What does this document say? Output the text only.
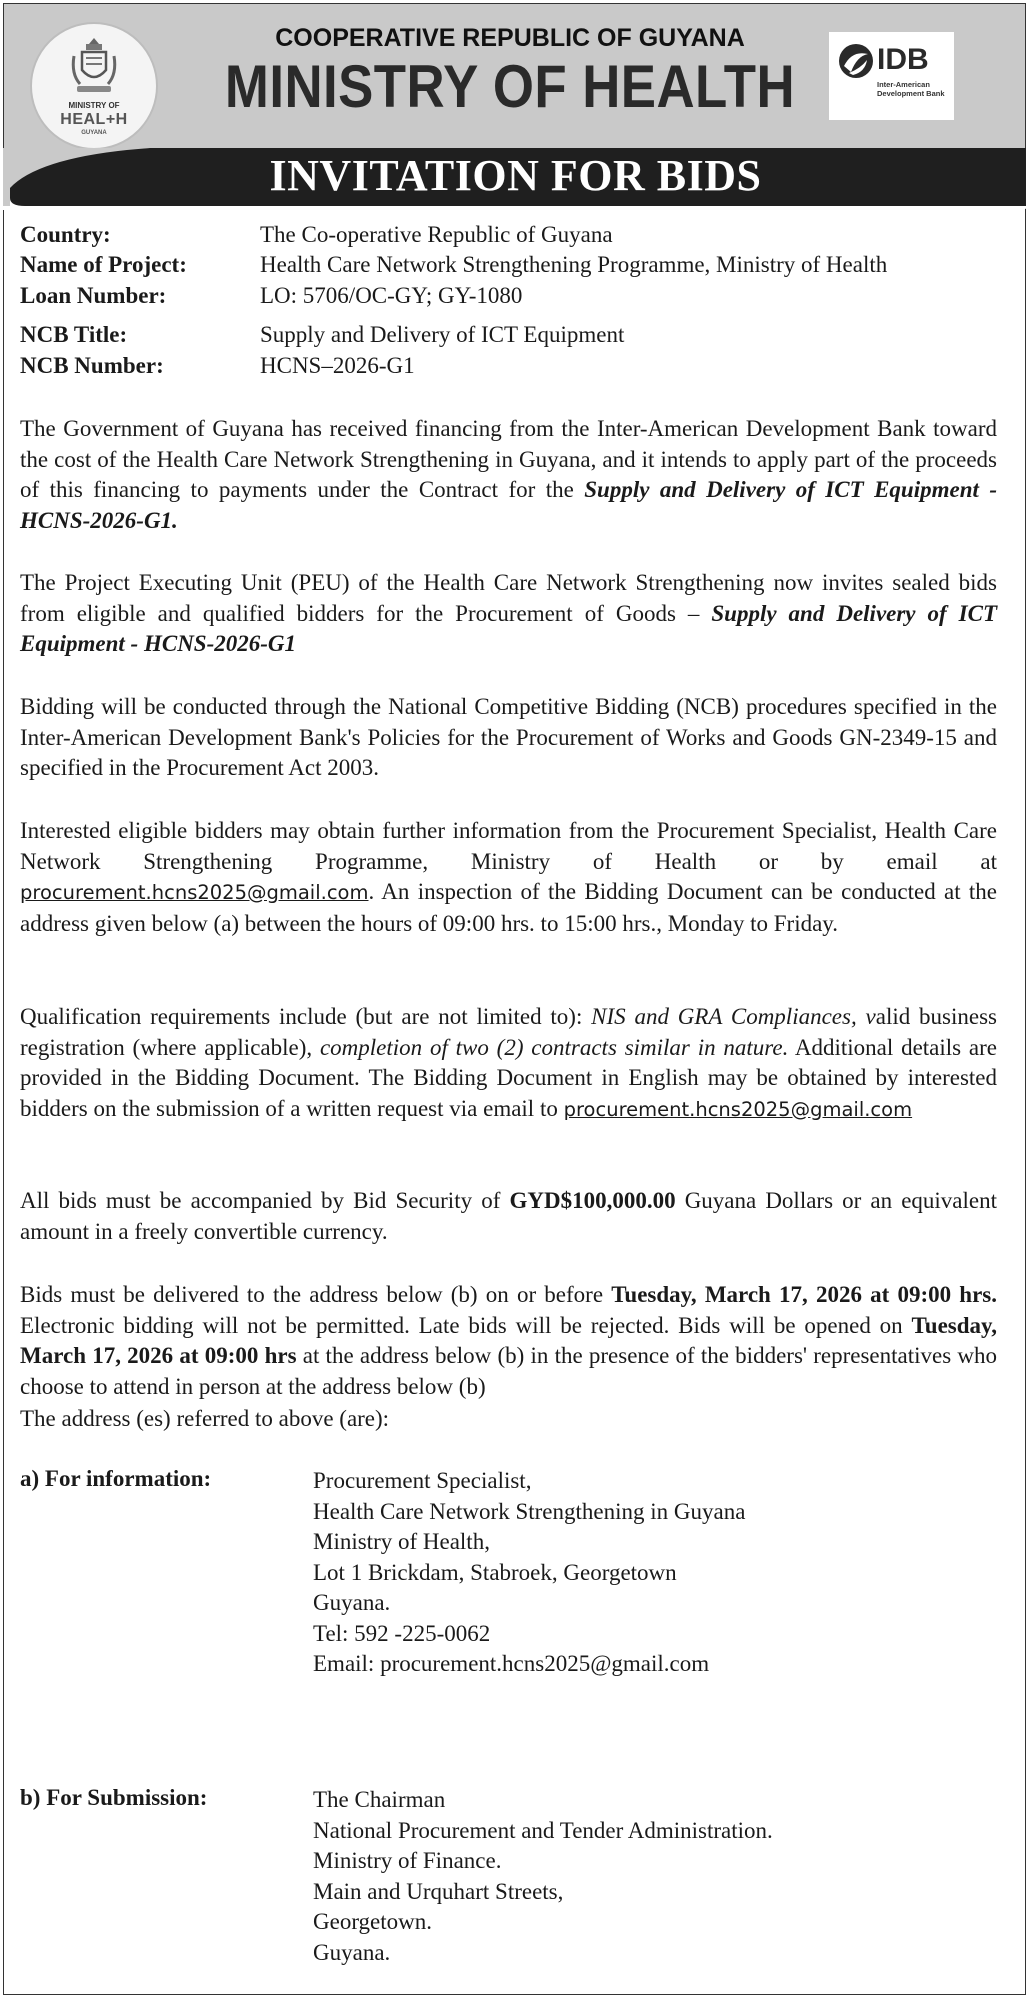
MINISTRY OF
HEAL+H
GUYANA
COOPERATIVE REPUBLIC OF GUYANA
MINISTRY OF HEALTH	IDB
Inter-American
Development Bank
INVITATION FOR BIDS
Country:	The Co-operative Republic of Guyana
Name of Project:	Health Care Network Strengthening Programme, Ministry of Health
Loan Number:	LO: 5706/OC-GY; GY-1080
NCB Title:	Supply and Delivery of ICT Equipment
NCB Number:	HCNS–2026-G1
The Government of Guyana has received financing from the Inter-American Development Bank toward the cost of the Health Care Network Strengthening in Guyana, and it intends to apply part of the proceeds of this financing to payments under the Contract for the Supply and Delivery of ICT Equipment - HCNS-2026-G1.
The Project Executing Unit (PEU) of the Health Care Network Strengthening now invites sealed bids from eligible and qualified bidders for the Procurement of Goods – Supply and Delivery of ICT Equipment - HCNS-2026-G1
Bidding will be conducted through the National Competitive Bidding (NCB) procedures specified in the Inter-American Development Bank's Policies for the Procurement of Works and Goods GN-2349-15 and specified in the Procurement Act 2003.
Interested eligible bidders may obtain further information from the Procurement Specialist, Health Care Network Strengthening Programme, Ministry of Health or by email at procurement.hcns2025@gmail.com. An inspection of the Bidding Document can be conducted at the address given below (a) between the hours of 09:00 hrs. to 15:00 hrs., Monday to Friday.
Qualification requirements include (but are not limited to): NIS and GRA Compliances, valid business registration (where applicable), completion of two (2) contracts similar in nature. Additional details are provided in the Bidding Document. The Bidding Document in English may be obtained by interested bidders on the submission of a written request via email to procurement.hcns2025@gmail.com
All bids must be accompanied by Bid Security of GYD$100,000.00 Guyana Dollars or an equivalent amount in a freely convertible currency.
Bids must be delivered to the address below (b) on or before Tuesday, March 17, 2026 at 09:00 hrs. Electronic bidding will not be permitted. Late bids will be rejected. Bids will be opened on Tuesday, March 17, 2026 at 09:00 hrs at the address below (b) in the presence of the bidders' representatives who choose to attend in person at the address below (b)
The address (es) referred to above (are):
a) For information:	Procurement Specialist,
Health Care Network Strengthening in Guyana
Ministry of Health,
Lot 1 Brickdam, Stabroek, Georgetown
Guyana.
Tel: 592 -225-0062
Email: procurement.hcns2025@gmail.com
b) For Submission:	The Chairman
National Procurement and Tender Administration.
Ministry of Finance.
Main and Urquhart Streets,
Georgetown.
Guyana.
